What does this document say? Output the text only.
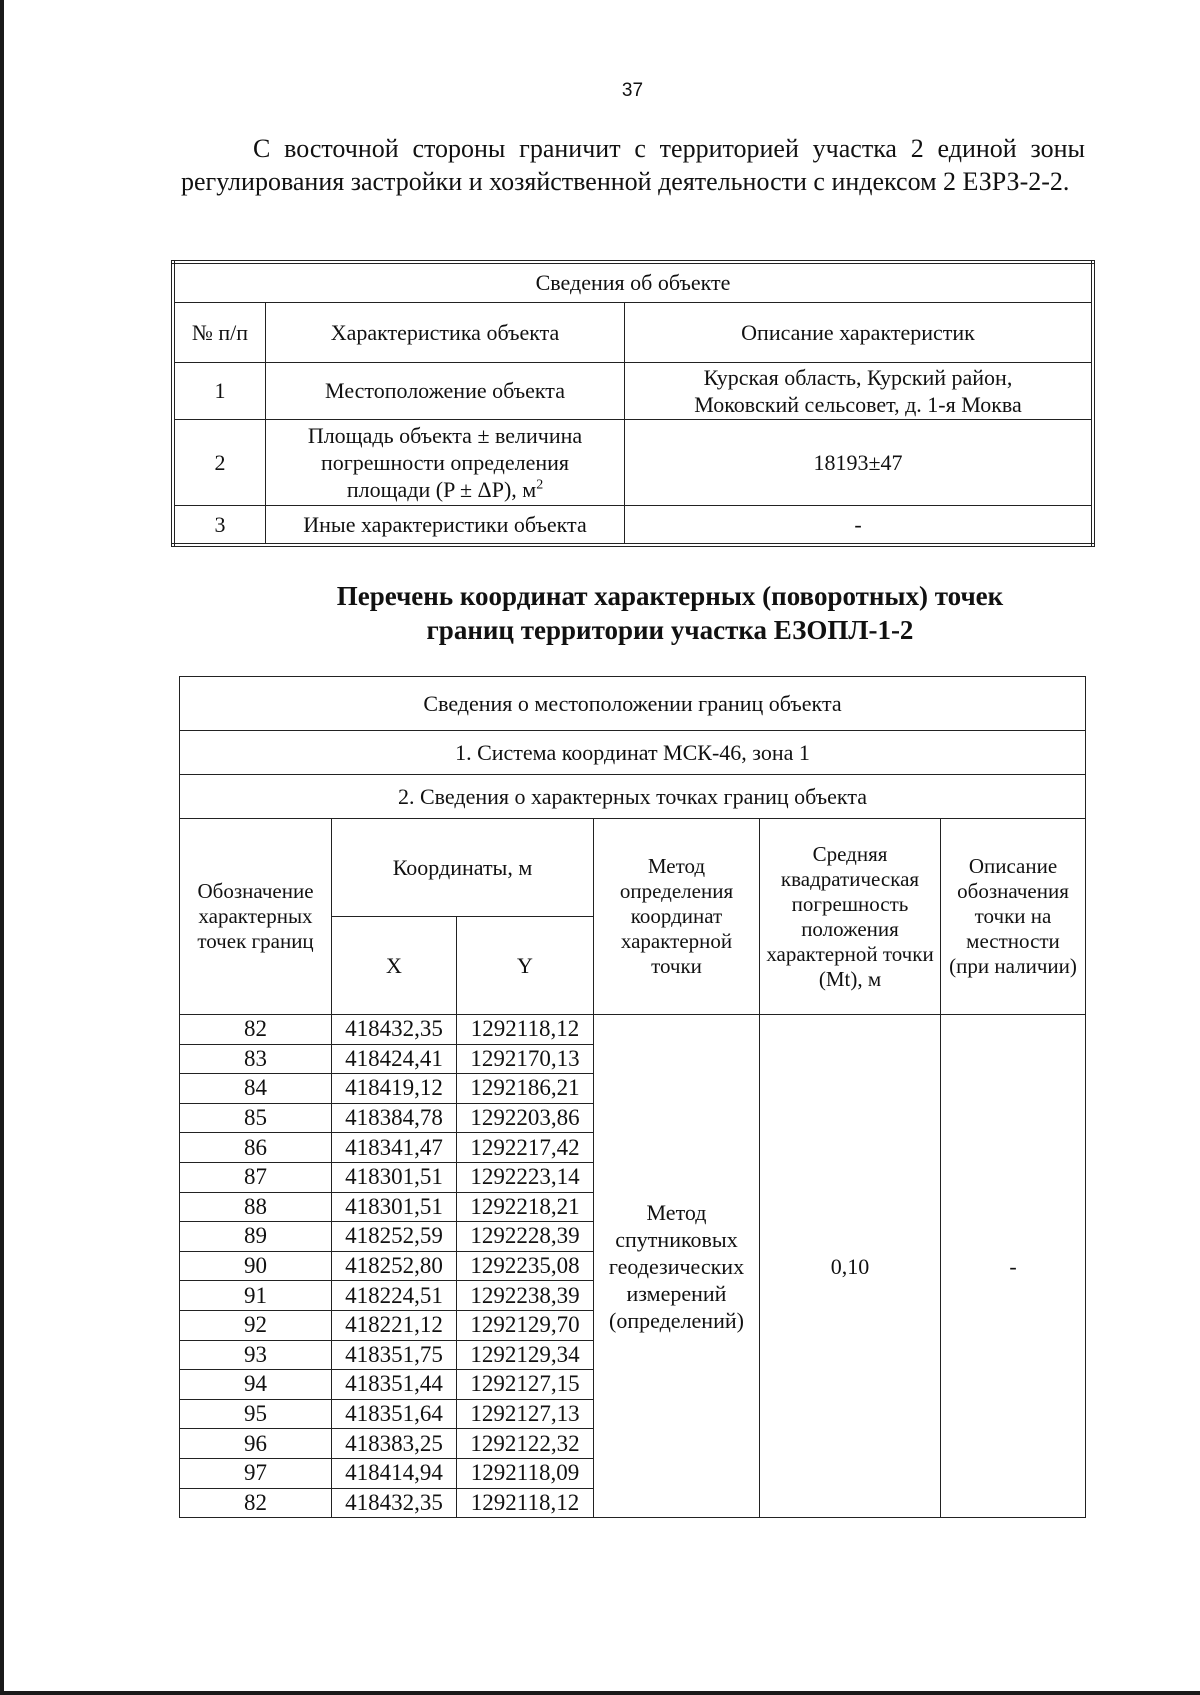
37

С восточной стороны граничит с территорией участка 2 единой зоны регулирования застройки и хозяйственной деятельности с индексом 2 ЕЗРЗ-2-2.

Сведения об объекте		
№ п/п	Характеристика объекта	Описание характеристик
1	Местоположение объекта	Курская область, Курский район,
Моковский сельсовет, д. 1-я Моква

2	Площадь объекта ± величина
погрешности определения
площади (P ± ΔP), $м^2$	18193±47
3	Иные характеристики объекта	-
Перечень координат характерных (поворотных) точек
границ территории участка ЕЗОПЛ-1-2
Сведения о местоположении границ объекта					
1. Система координат МСК-46, зона 1					
2. Сведения о характерных точках границ объекта					
Обозначение характерных точек границ	Координаты, м		Метод определения координат характерной точки	Средняя квадратическая погрешность положения характерной точки (Mt), м	Описание обозначения точки на местности (при наличии)
	X	Y			
82	418432,35	1292118,12	Метод спутниковых геодезических измерений (определений)	0,10	-
83	418424,41	1292170,13			
84	418419,12	1292186,21			
85	418384,78	1292203,86			
86	418341,47	1292217,42			
87	418301,51	1292223,14			
88	418301,51	1292218,21			
89	418252,59	1292228,39			
90	418252,80	1292235,08			
91	418224,51	1292238,39			
92	418221,12	1292129,70			
93	418351,75	1292129,34			
94	418351,44	1292127,15			
95	418351,64	1292127,13			
96	418383,25	1292122,32			
97	418414,94	1292118,09			
82	418432,35	1292118,12			
